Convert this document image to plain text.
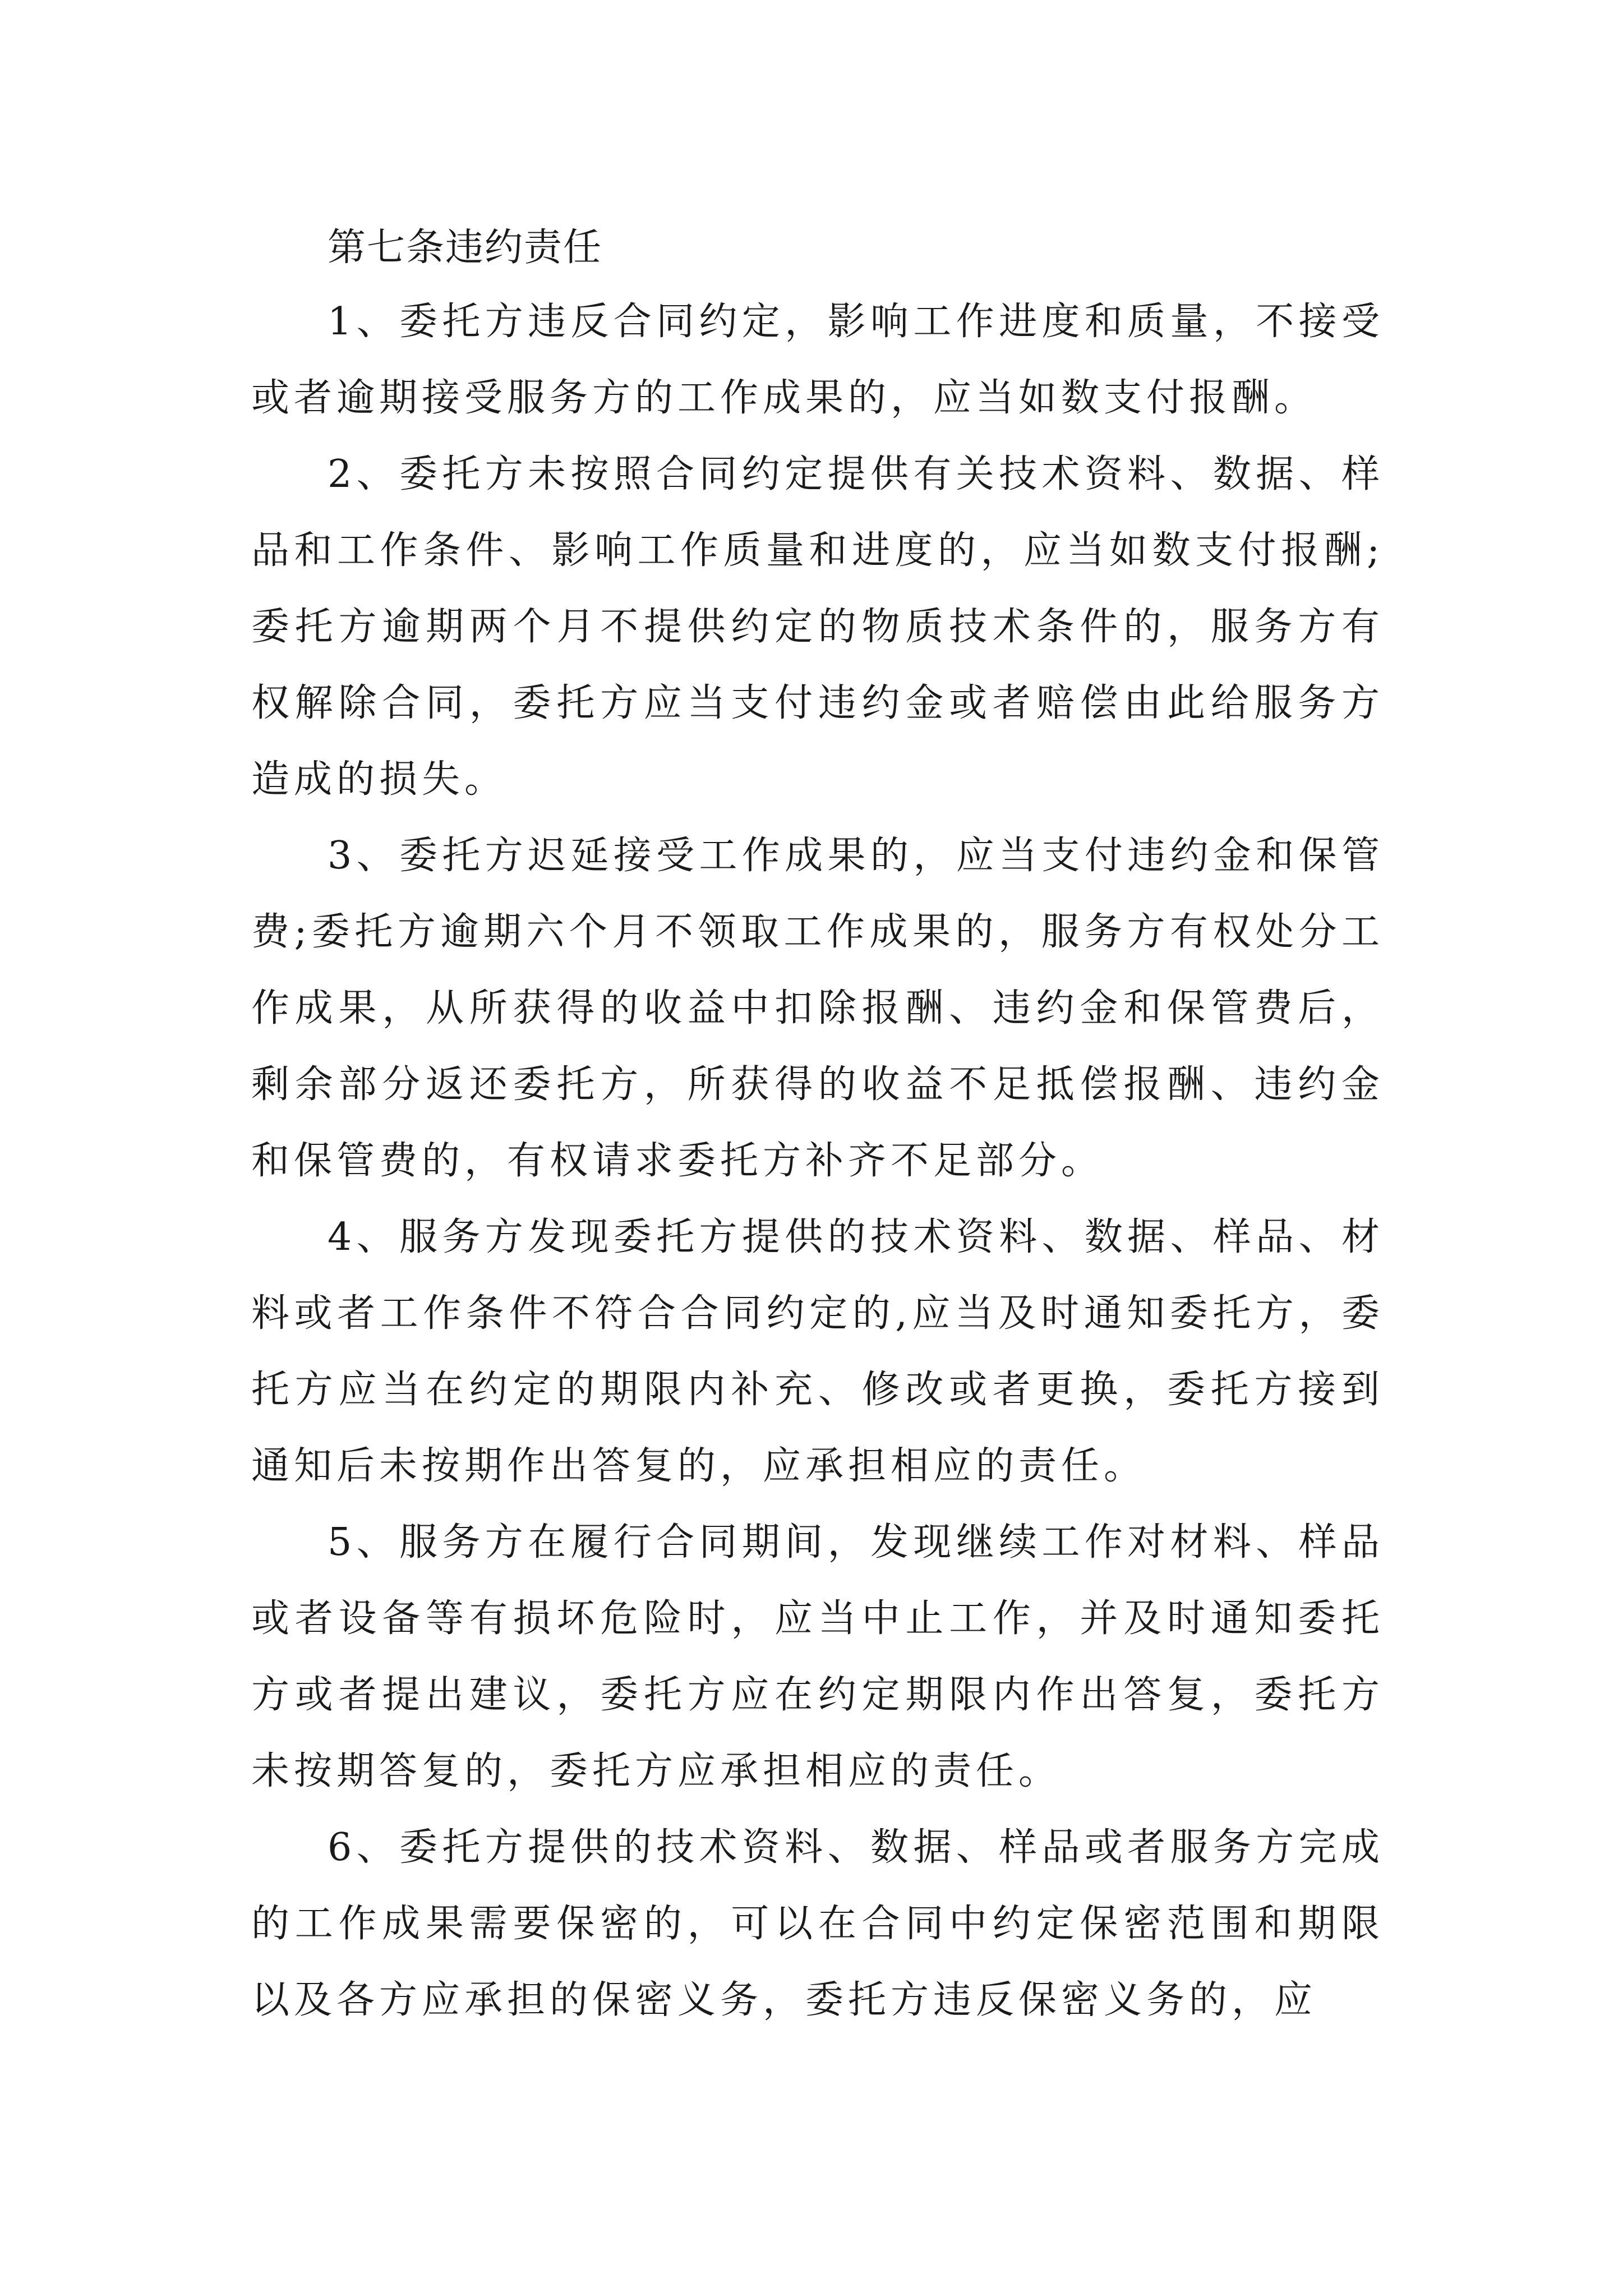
第七条违约责任

1、委托方违反合同约定，影响工作进度和质量，不接受或者逾期接受服务方的工作成果的，应当如数支付报酬。

2、委托方未按照合同约定提供有关技术资料、数据、样品和工作条件、影响工作质量和进度的，应当如数支付报酬;委托方逾期两个月不提供约定的物质技术条件的，服务方有权解除合同，委托方应当支付违约金或者赔偿由此给服务方造成的损失。

3、委托方迟延接受工作成果的，应当支付违约金和保管费;委托方逾期六个月不领取工作成果的，服务方有权处分工作成果，从所获得的收益中扣除报酬、违约金和保管费后，剩余部分返还委托方，所获得的收益不足抵偿报酬、违约金和保管费的，有权请求委托方补齐不足部分。

4、服务方发现委托方提供的技术资料、数据、样品、材料或者工作条件不符合合同约定的,应当及时通知委托方，委托方应当在约定的期限内补充、修改或者更换，委托方接到通知后未按期作出答复的，应承担相应的责任。

5、服务方在履行合同期间，发现继续工作对材料、样品或者设备等有损坏危险时，应当中止工作，并及时通知委托方或者提出建议，委托方应在约定期限内作出答复，委托方未按期答复的，委托方应承担相应的责任。

6、委托方提供的技术资料、数据、样品或者服务方完成的工作成果需要保密的，可以在合同中约定保密范围和期限以及各方应承担的保密义务，委托方违反保密义务的，应
